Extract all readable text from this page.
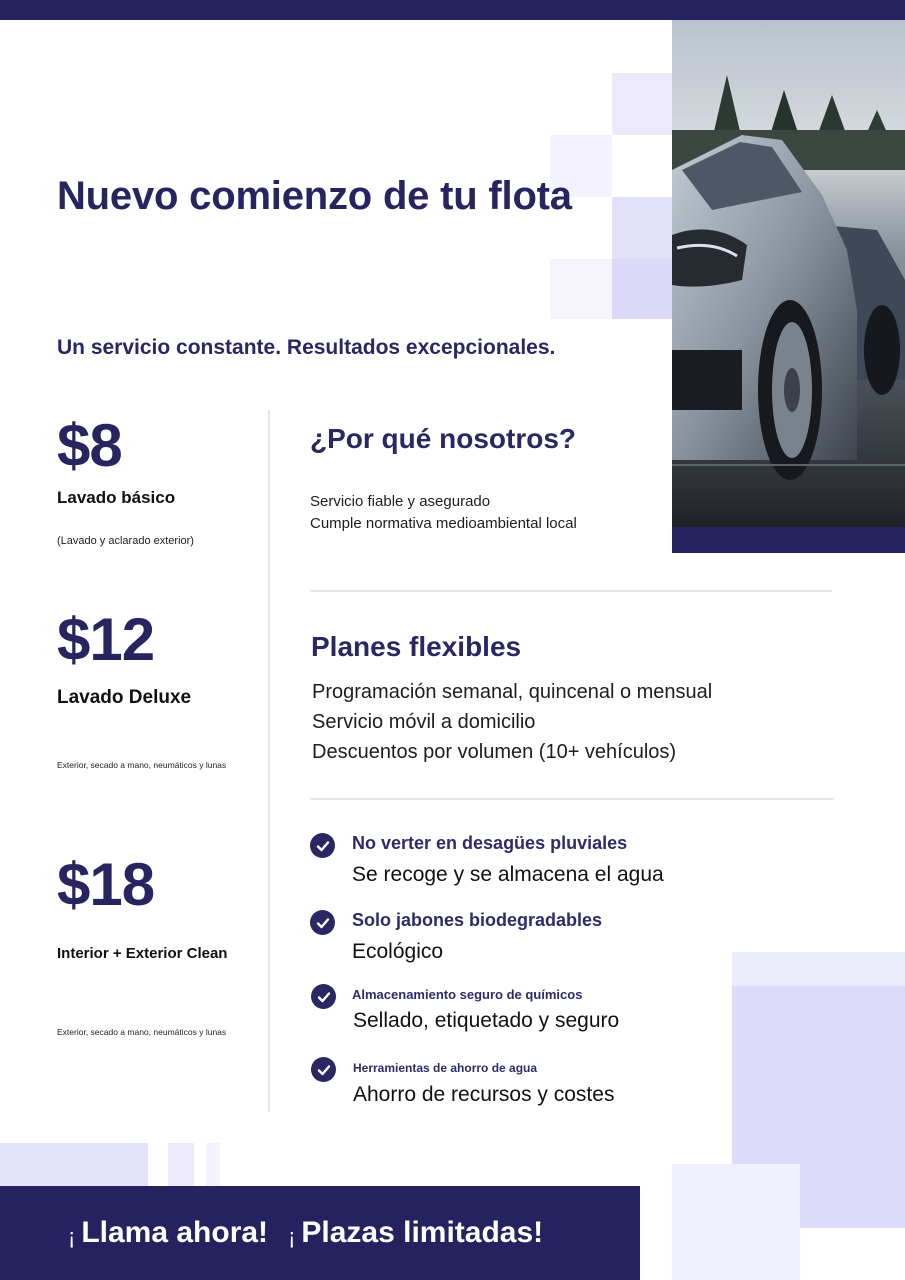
Nuevo comienzo de tu flota
Un servicio constante. Resultados excepcionales.
$8
Lavado básico
(Lavado y aclarado exterior)
$12
Lavado Deluxe
Exterior, secado a mano, neumáticos y lunas
$18
Interior + Exterior Clean
Exterior, secado a mano, neumáticos y lunas
¿Por qué nosotros?
Servicio fiable y asegurado
Cumple normativa medioambiental local
Planes flexibles
Programación semanal, quincenal o mensual
Servicio móvil a domicilio
Descuentos por volumen (10+ vehículos)
No verter en desagües pluviales
Se recoge y se almacena el agua
Solo jabones biodegradables
Ecológico
Almacenamiento seguro de químicos
Sellado, etiquetado y seguro
Herramientas de ahorro de agua
Ahorro de recursos y costes
¡ Llama ahora! ¡ Plazas limitadas!
